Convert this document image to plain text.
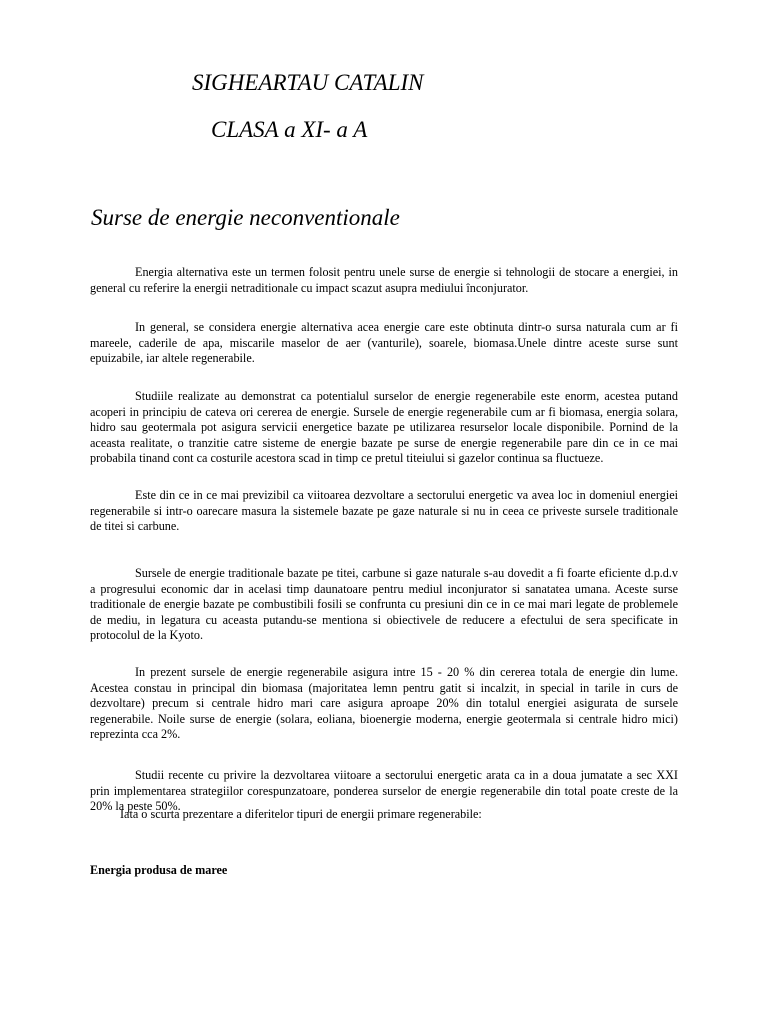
SIGHEARTAU CATALIN
CLASA a XI- a A
Surse de energie neconventionale

Energia alternativa este un termen folosit pentru unele surse de energie si tehnologii de stocare a energiei, in general cu referire la energii netraditionale cu impact scazut asupra mediului înconjurator.

In general, se considera energie alternativa acea energie care este obtinuta dintr-o sursa naturala cum ar fi mareele, caderile de apa, miscarile maselor de aer (vanturile), soarele, biomasa.Unele dintre aceste surse sunt epuizabile, iar altele regenerabile.

Studiile realizate au demonstrat ca potentialul surselor de energie regenerabile este enorm, acestea putand acoperi in principiu de cateva ori cererea de energie. Sursele de energie regenerabile cum ar fi biomasa, energia solara, hidro sau geotermala pot asigura servicii energetice bazate pe utilizarea resurselor locale disponibile. Pornind de la aceasta realitate, o tranzitie catre sisteme de energie bazate pe surse de energie regenerabile pare din ce in ce mai probabila tinand cont ca costurile acestora scad in timp ce pretul titeiului si gazelor continua sa fluctueze.

Este din ce in ce mai previzibil ca viitoarea dezvoltare a sectorului energetic va avea loc in domeniul energiei regenerabile si intr-o oarecare masura la sistemele bazate pe gaze naturale si nu in ceea ce priveste sursele traditionale de titei si carbune.

Sursele de energie traditionale bazate pe titei, carbune si gaze naturale s-au dovedit a fi foarte eficiente d.p.d.v a progresului economic dar in acelasi timp daunatoare pentru mediul inconjurator si sanatatea umana. Aceste surse traditionale de energie bazate pe combustibili fosili se confrunta cu presiuni din ce in ce mai mari legate de problemele de mediu, in legatura cu aceasta putandu-se mentiona si obiectivele de reducere a efectului de sera specificate in protocolul de la Kyoto.

In prezent sursele de energie regenerabile asigura intre 15 - 20 % din cererea totala de energie din lume. Acestea constau in principal din biomasa (majoritatea lemn pentru gatit si incalzit, in special in tarile in curs de dezvoltare) precum si centrale hidro mari care asigura aproape 20% din totalul energiei asigurata de sursele regenerabile. Noile surse de energie (solara, eoliana, bioenergie moderna, energie geotermala si centrale hidro mici) reprezinta cca 2%.

Studii recente cu privire la dezvoltarea viitoare a sectorului energetic arata ca in a doua jumatate a sec XXI prin implementarea strategiilor corespunzatoare, ponderea surselor de energie regenerabile din total poate creste de la 20% la peste 50%.

Iata o scurta prezentare a diferitelor tipuri de energii primare regenerabile:

Energia produsa de maree
